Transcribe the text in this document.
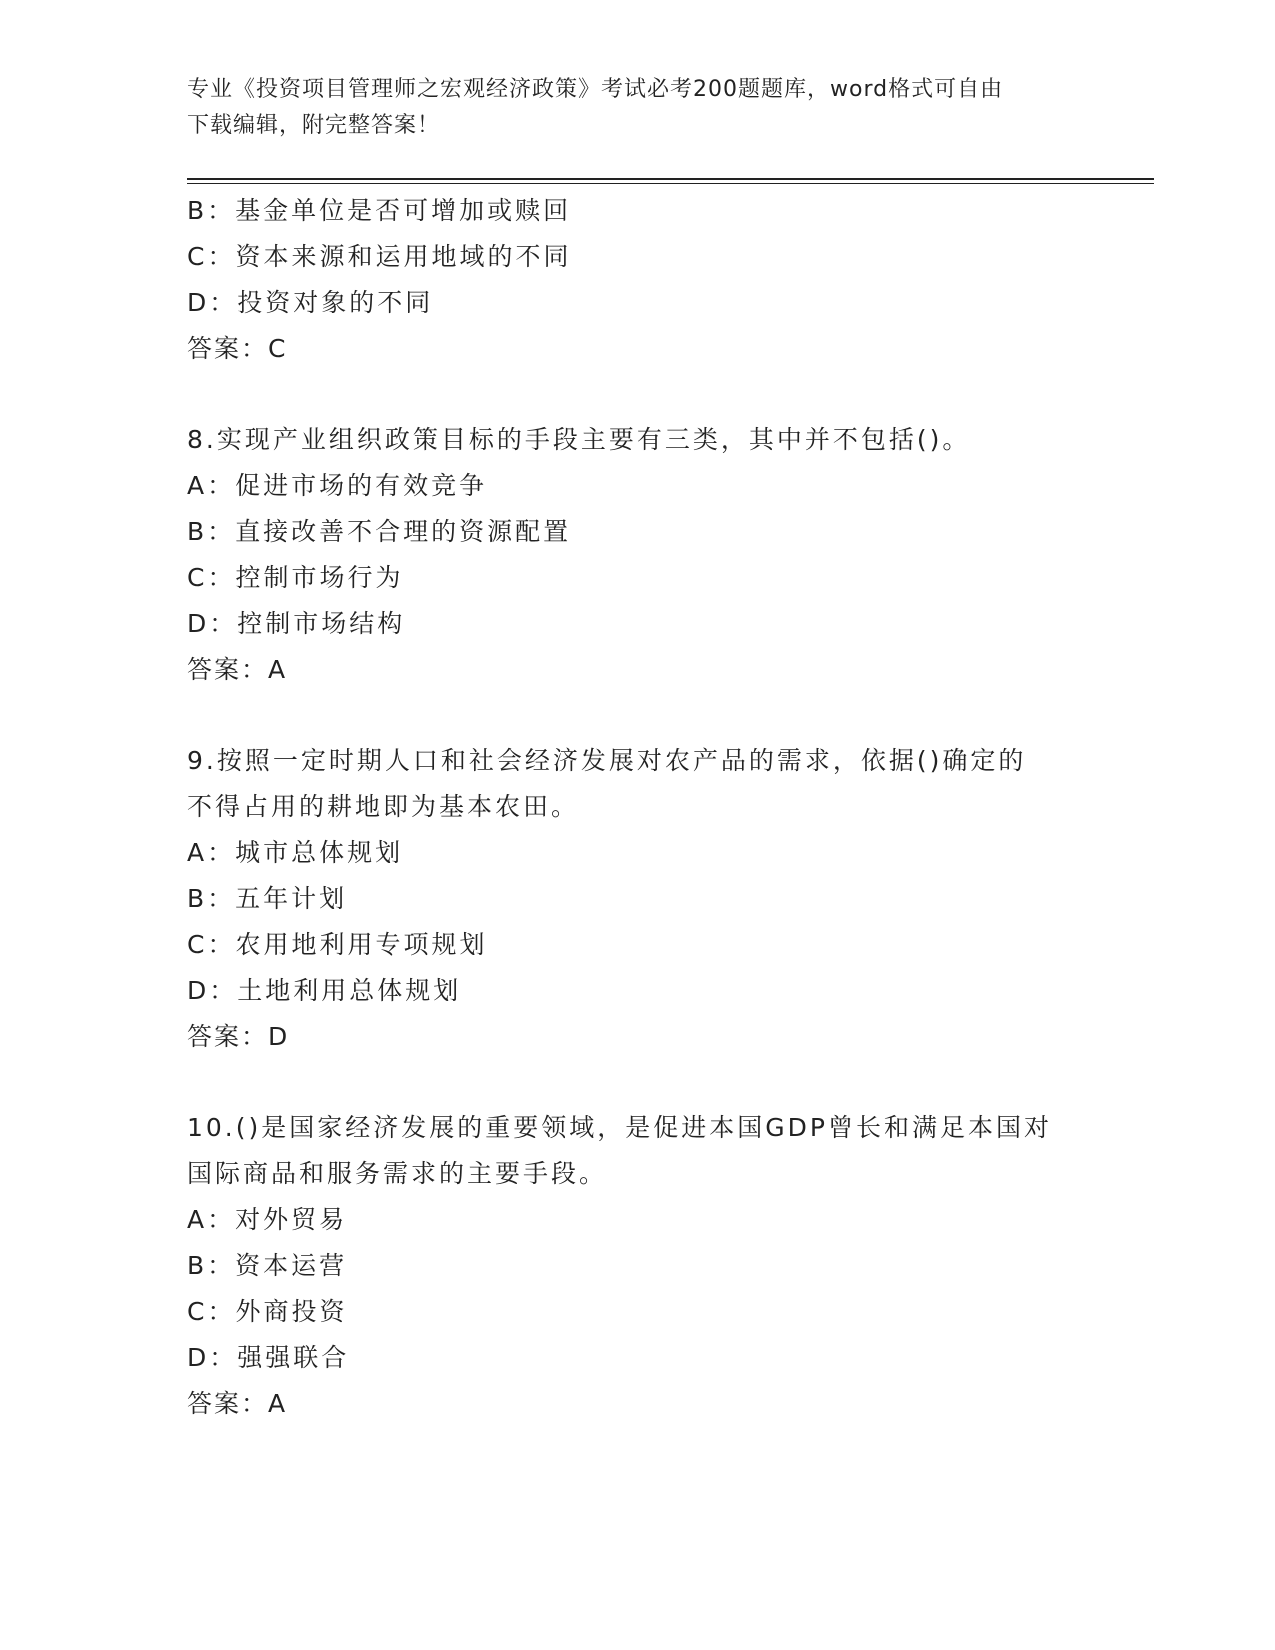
专业《投资项目管理师之宏观经济政策》考试必考200题题库，word格式可自由
下载编辑，附完整答案！
B：基金单位是否可增加或赎回
C：资本来源和运用地域的不同
D：投资对象的不同
答案：C
8.实现产业组织政策目标的手段主要有三类，其中并不包括()。
A：促进市场的有效竞争
B：直接改善不合理的资源配置
C：控制市场行为
D：控制市场结构
答案：A
9.按照一定时期人口和社会经济发展对农产品的需求，依据()确定的
不得占用的耕地即为基本农田。
A：城市总体规划
B：五年计划
C：农用地利用专项规划
D：土地利用总体规划
答案：D
10.()是国家经济发展的重要领域，是促进本国GDP曾长和满足本国对
国际商品和服务需求的主要手段。
A：对外贸易
B：资本运营
C：外商投资
D：强强联合
答案：A
